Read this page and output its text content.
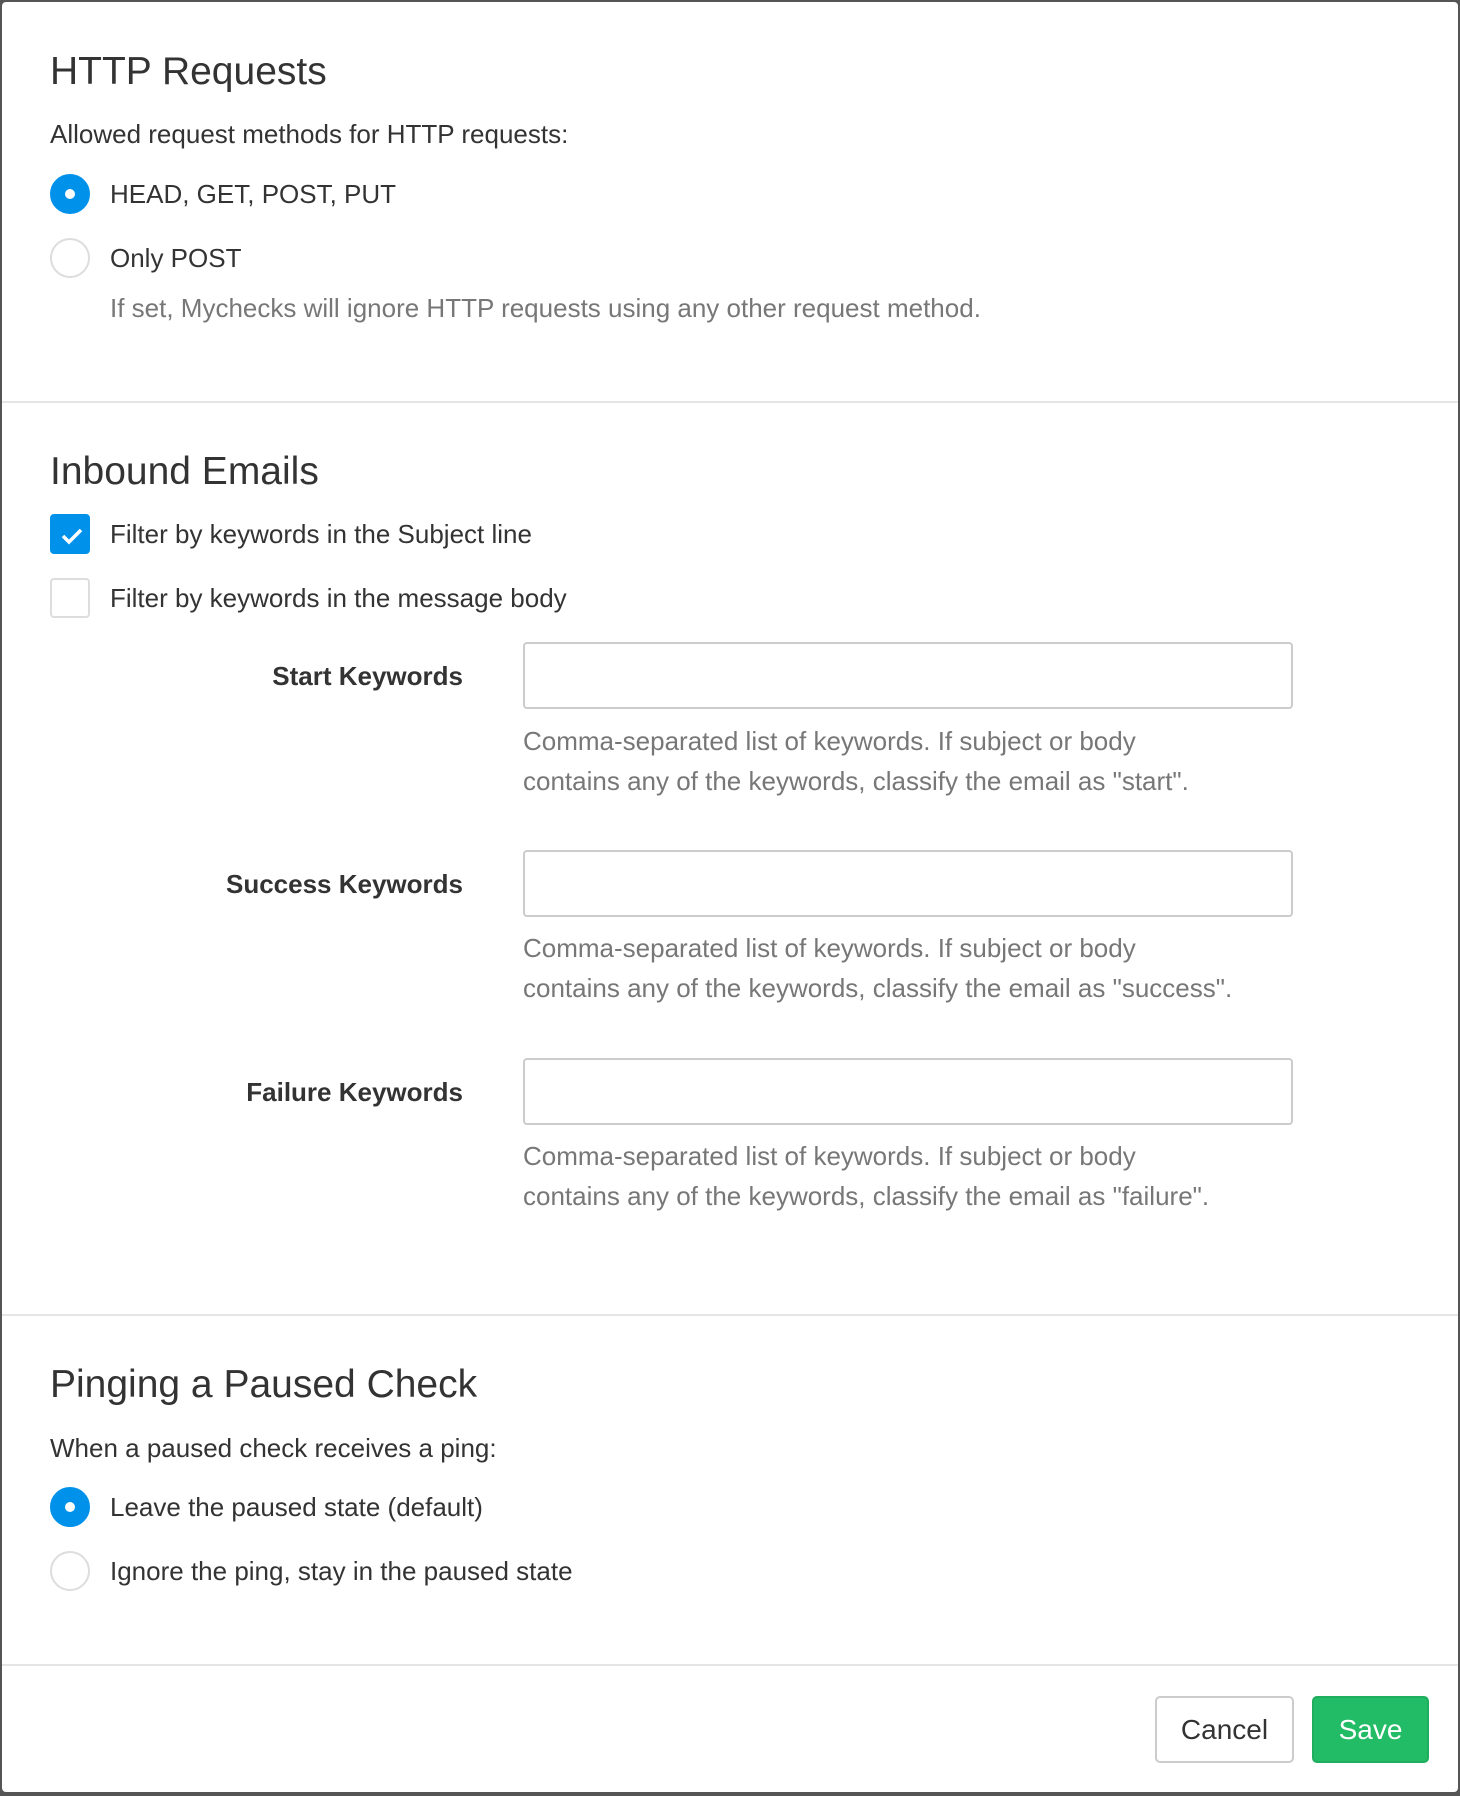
HTTP Requests
Allowed request methods for HTTP requests:
HEAD, GET, POST, PUT
Only POST
If set, Mychecks will ignore HTTP requests using any other request method.
Inbound Emails
Filter by keywords in the Subject line
Filter by keywords in the message body
Start Keywords
Comma-separated list of keywords. If subject or body
contains any of the keywords, classify the email as "start".
Success Keywords
Comma-separated list of keywords. If subject or body
contains any of the keywords, classify the email as "success".
Failure Keywords
Comma-separated list of keywords. If subject or body
contains any of the keywords, classify the email as "failure".
Pinging a Paused Check
When a paused check receives a ping:
Leave the paused state (default)
Ignore the ping, stay in the paused state
Cancel	Save
